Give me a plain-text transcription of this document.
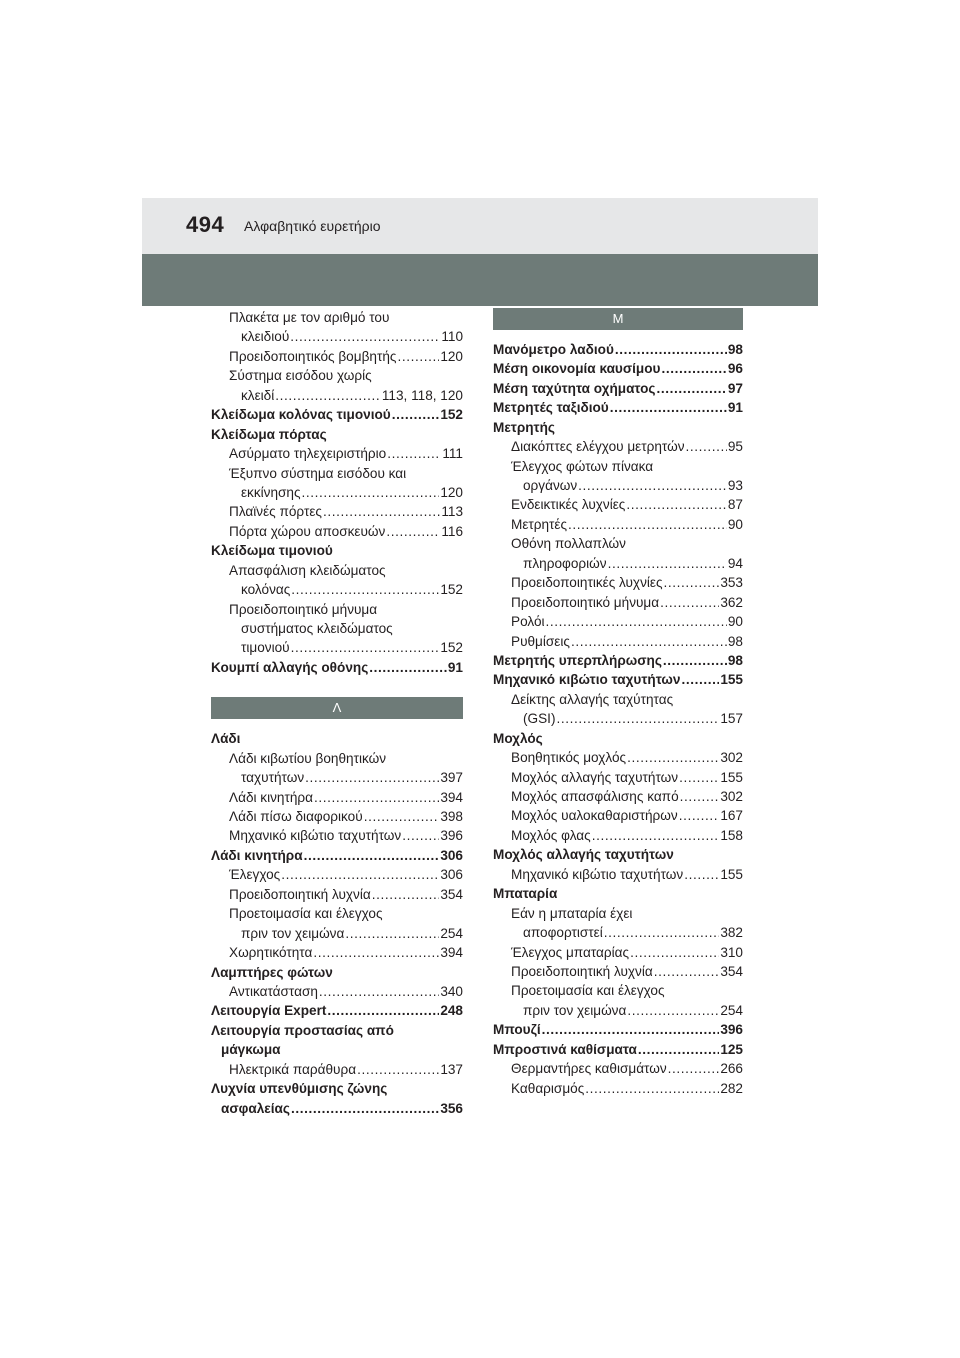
494 Αλφαβητικό ευρετήριο
Πλακέτα με τον αριθμό του
κλειδιού .....	110
Προειδοποιητικός βομβητής .....	120
Σύστημα εισόδου χωρίς
κλειδί .....	113, 118, 120
Κλείδωμα κολόνας τιμονιού .....	152
Κλείδωμα πόρτας
Ασύρματο τηλεχειριστήριο .....	111
Έξυπνο σύστημα εισόδου και
εκκίνησης .....	120
Πλαϊνές πόρτες .....	113
Πόρτα χώρου αποσκευών .....	116
Κλείδωμα τιμονιού
Απασφάλιση κλειδώματος
κολόνας .....	152
Προειδοποιητικό μήνυμα
συστήματος κλειδώματος
τιμονιού .....	152
Κουμπί αλλαγής οθόνης .....	91
Λ
Λάδι
Λάδι κιβωτίου βοηθητικών
ταχυτήτων .....	397
Λάδι κινητήρα .....	394
Λάδι πίσω διαφορικού .....	398
Μηχανικό κιβώτιο ταχυτήτων .....	396
Λάδι κινητήρα .....	306
Έλεγχος .....	306
Προειδοποιητική λυχνία .....	354
Προετοιμασία και έλεγχος
πριν τον χειμώνα .....	254
Χωρητικότητα .....	394
Λαμπτήρες φώτων
Αντικατάσταση .....	340
Λειτουργία Expert .....	248
Λειτουργία προστασίας από
μάγκωμα
Ηλεκτρικά παράθυρα .....	137
Λυχνία υπενθύμισης ζώνης
ασφαλείας .....	356
Μ
Μανόμετρο λαδιού .....	98
Μέση οικονομία καυσίμου .....	96
Μέση ταχύτητα οχήματος .....	97
Μετρητές ταξιδιού .....	91
Μετρητής
Διακόπτες ελέγχου μετρητών .....	95
Έλεγχος φώτων πίνακα
οργάνων .....	93
Ενδεικτικές λυχνίες .....	87
Μετρητές .....	90
Οθόνη πολλαπλών
πληροφοριών .....	94
Προειδοποιητικές λυχνίες .....	353
Προειδοποιητικό μήνυμα .....	362
Ρολόι .....	90
Ρυθμίσεις .....	98
Μετρητής υπερπλήρωσης .....	98
Μηχανικό κιβώτιο ταχυτήτων .....	155
Δείκτης αλλαγής ταχύτητας
(GSI) .....	157
Μοχλός
Βοηθητικός μοχλός .....	302
Μοχλός αλλαγής ταχυτήτων .....	155
Μοχλός απασφάλισης καπό .....	302
Μοχλός υαλοκαθαριστήρων .....	167
Μοχλός φλας .....	158
Μοχλός αλλαγής ταχυτήτων
Μηχανικό κιβώτιο ταχυτήτων .....	155
Μπαταρία
Εάν η μπαταρία έχει
αποφορτιστεί .....	382
Έλεγχος μπαταρίας .....	310
Προειδοποιητική λυχνία .....	354
Προετοιμασία και έλεγχος
πριν τον χειμώνα .....	254
Μπουζί .....	396
Μπροστινά καθίσματα .....	125
Θερμαντήρες καθισμάτων .....	266
Καθαρισμός .....	282
